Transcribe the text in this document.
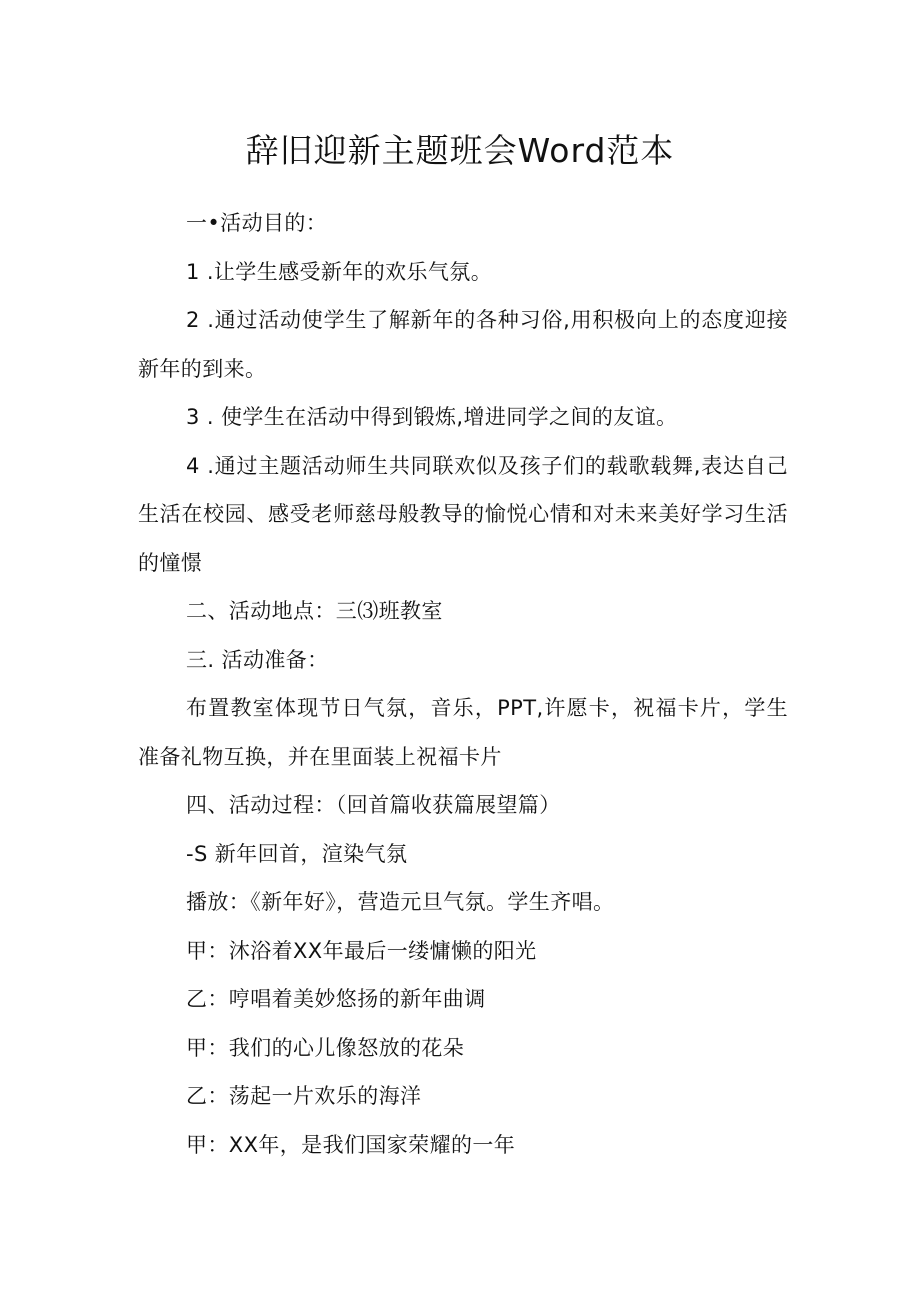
辞旧迎新主题班会Word范本

一•活动目的：

1 .让学生感受新年的欢乐气氛。

2 .通过活动使学生了解新年的各种习俗,用积极向上的态度迎接新年的到来。

3 . 使学生在活动中得到锻炼,增进同学之间的友谊。

4 .通过主题活动师生共同联欢似及孩子们的载歌载舞,表达自己生活在校园、感受老师慈母般教导的愉悦心情和对未来美好学习生活的憧憬

二、活动地点：三⑶班教室

三. 活动准备：

布置教室体现节日气氛，音乐，PPT,许愿卡，祝福卡片，学生准备礼物互换，并在里面装上祝福卡片

四、活动过程：（回首篇收获篇展望篇）

-S 新年回首，渲染气氛

播放：《新年好》，营造元旦气氛。学生齐唱。

甲：沐浴着XX年最后一缕慵懒的阳光

乙：哼唱着美妙悠扬的新年曲调

甲：我们的心儿像怒放的花朵

乙：荡起一片欢乐的海洋

甲：XX年，是我们国家荣耀的一年
